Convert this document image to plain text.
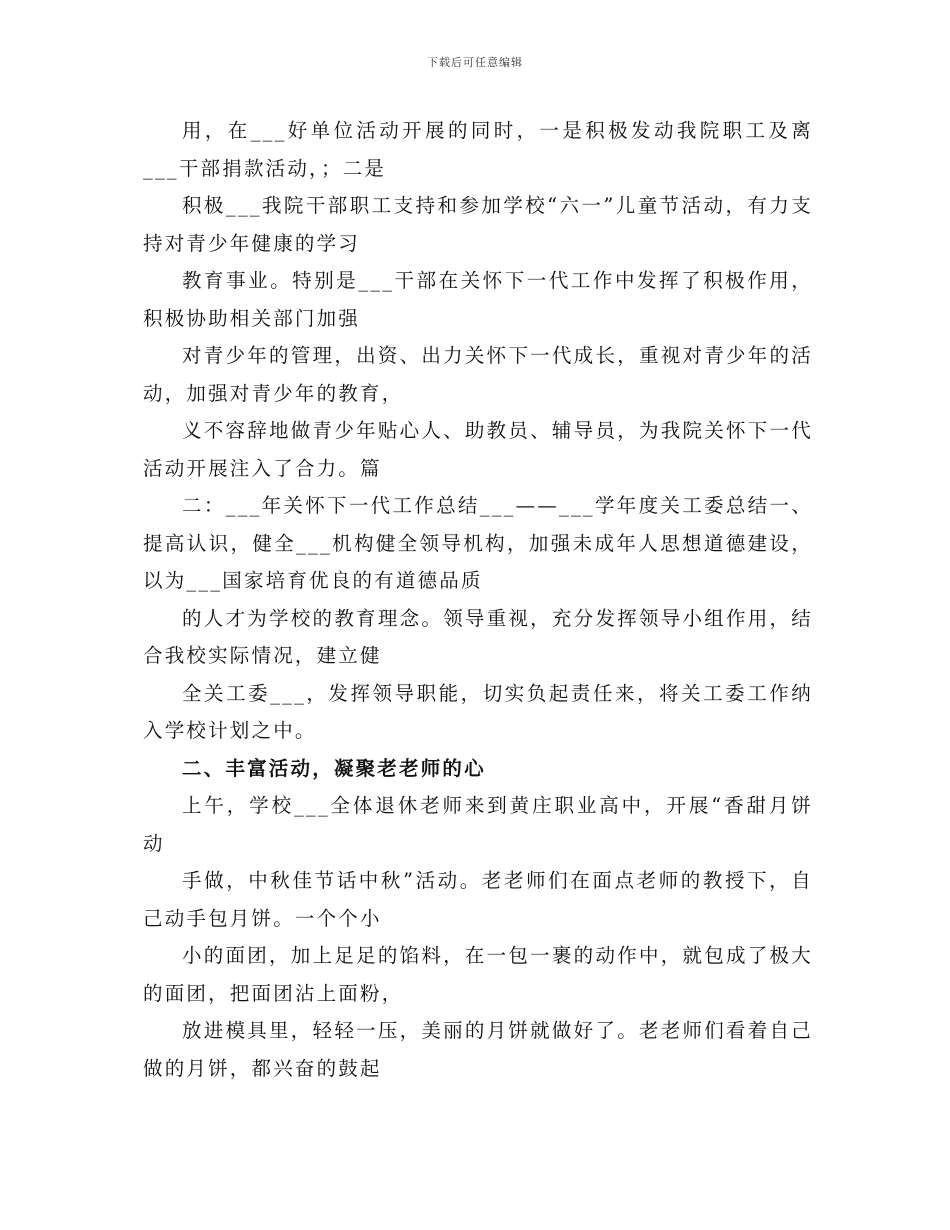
下载后可任意编辑

用，在___好单位活动开展的同时，一是积极发动我院职工及离___干部捐款活动，；二是

积极___我院干部职工支持和参加学校“六一”儿童节活动，有力支持对青少年健康的学习

教育事业。特别是___干部在关怀下一代工作中发挥了积极作用，积极协助相关部门加强

对青少年的管理，出资、出力关怀下一代成长，重视对青少年的活动，加强对青少年的教育，

义不容辞地做青少年贴心人、助教员、辅导员，为我院关怀下一代活动开展注入了合力。篇

二：___年关怀下一代工作总结___——___学年度关工委总结一、提高认识，健全___机构健全领导机构，加强未成年人思想道德建设，以为___国家培育优良的有道德品质

的人才为学校的教育理念。领导重视，充分发挥领导小组作用，结合我校实际情况，建立健

全关工委___，发挥领导职能，切实负起责任来，将关工委工作纳入学校计划之中。

二、丰富活动，凝聚老老师的心

上午，学校___全体退休老师来到黄庄职业高中，开展“香甜月饼动

手做，中秋佳节话中秋”活动。老老师们在面点老师的教授下，自己动手包月饼。一个个小

小的面团，加上足足的馅料，在一包一裹的动作中，就包成了极大的面团，把面团沾上面粉，

放进模具里，轻轻一压，美丽的月饼就做好了。老老师们看着自己做的月饼，都兴奋的鼓起
